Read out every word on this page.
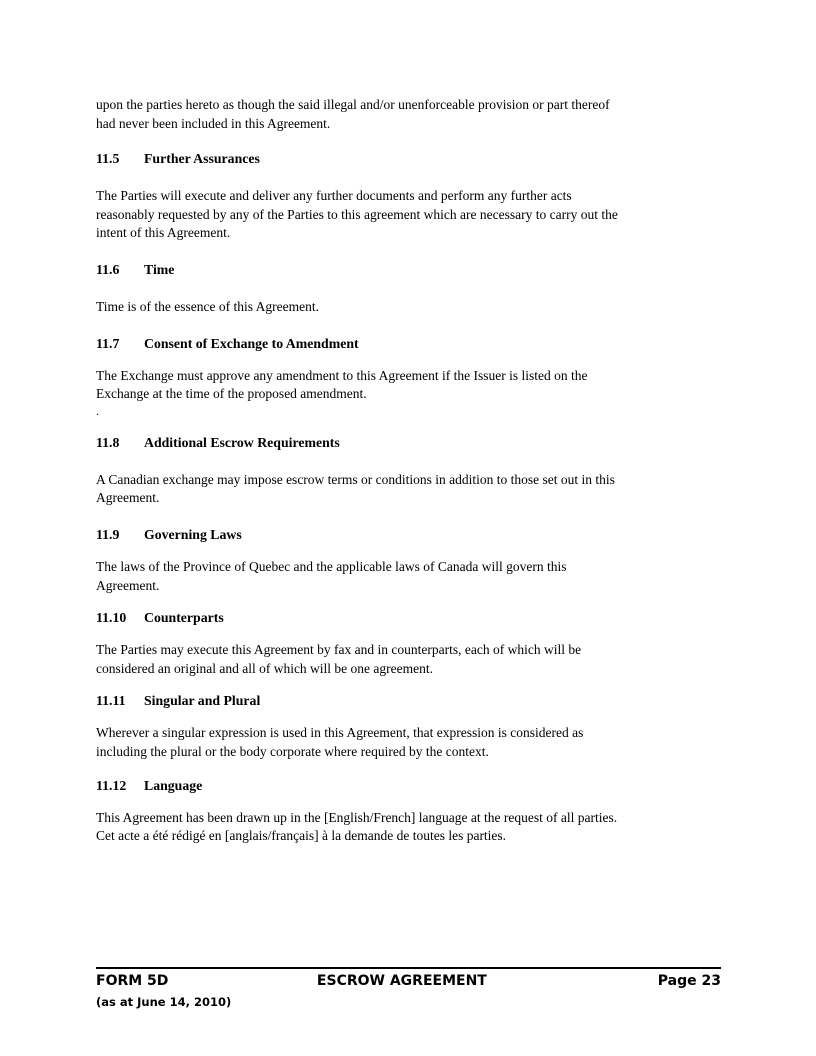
upon the parties hereto as though the said illegal and/or unenforceable provision or part thereof
had never been included in this Agreement.

11.5	Further Assurances

The Parties will execute and deliver any further documents and perform any further acts
reasonably requested by any of the Parties to this agreement which are necessary to carry out the
intent of this Agreement.

11.6	Time

Time is of the essence of this Agreement.

11.7	Consent of Exchange to Amendment

The Exchange must approve any amendment to this Agreement if the Issuer is listed on the
Exchange at the time of the proposed amendment.

.

11.8	Additional Escrow Requirements

A Canadian exchange may impose escrow terms or conditions in addition to those set out in this
Agreement.

11.9	Governing Laws

The laws of the Province of Quebec and the applicable laws of Canada will govern this
Agreement.

11.10	Counterparts

The Parties may execute this Agreement by fax and in counterparts, each of which will be
considered an original and all of which will be one agreement.

11.11	Singular and Plural

Wherever a singular expression is used in this Agreement, that expression is considered as
including the plural or the body corporate where required by the context.

11.12	Language

This Agreement has been drawn up in the [English/French] language at the request of all parties.
Cet acte a été rédigé en [anglais/français] à la demande de toutes les parties.

FORM 5D	ESCROW AGREEMENT	Page 23
(as at June 14, 2010)
